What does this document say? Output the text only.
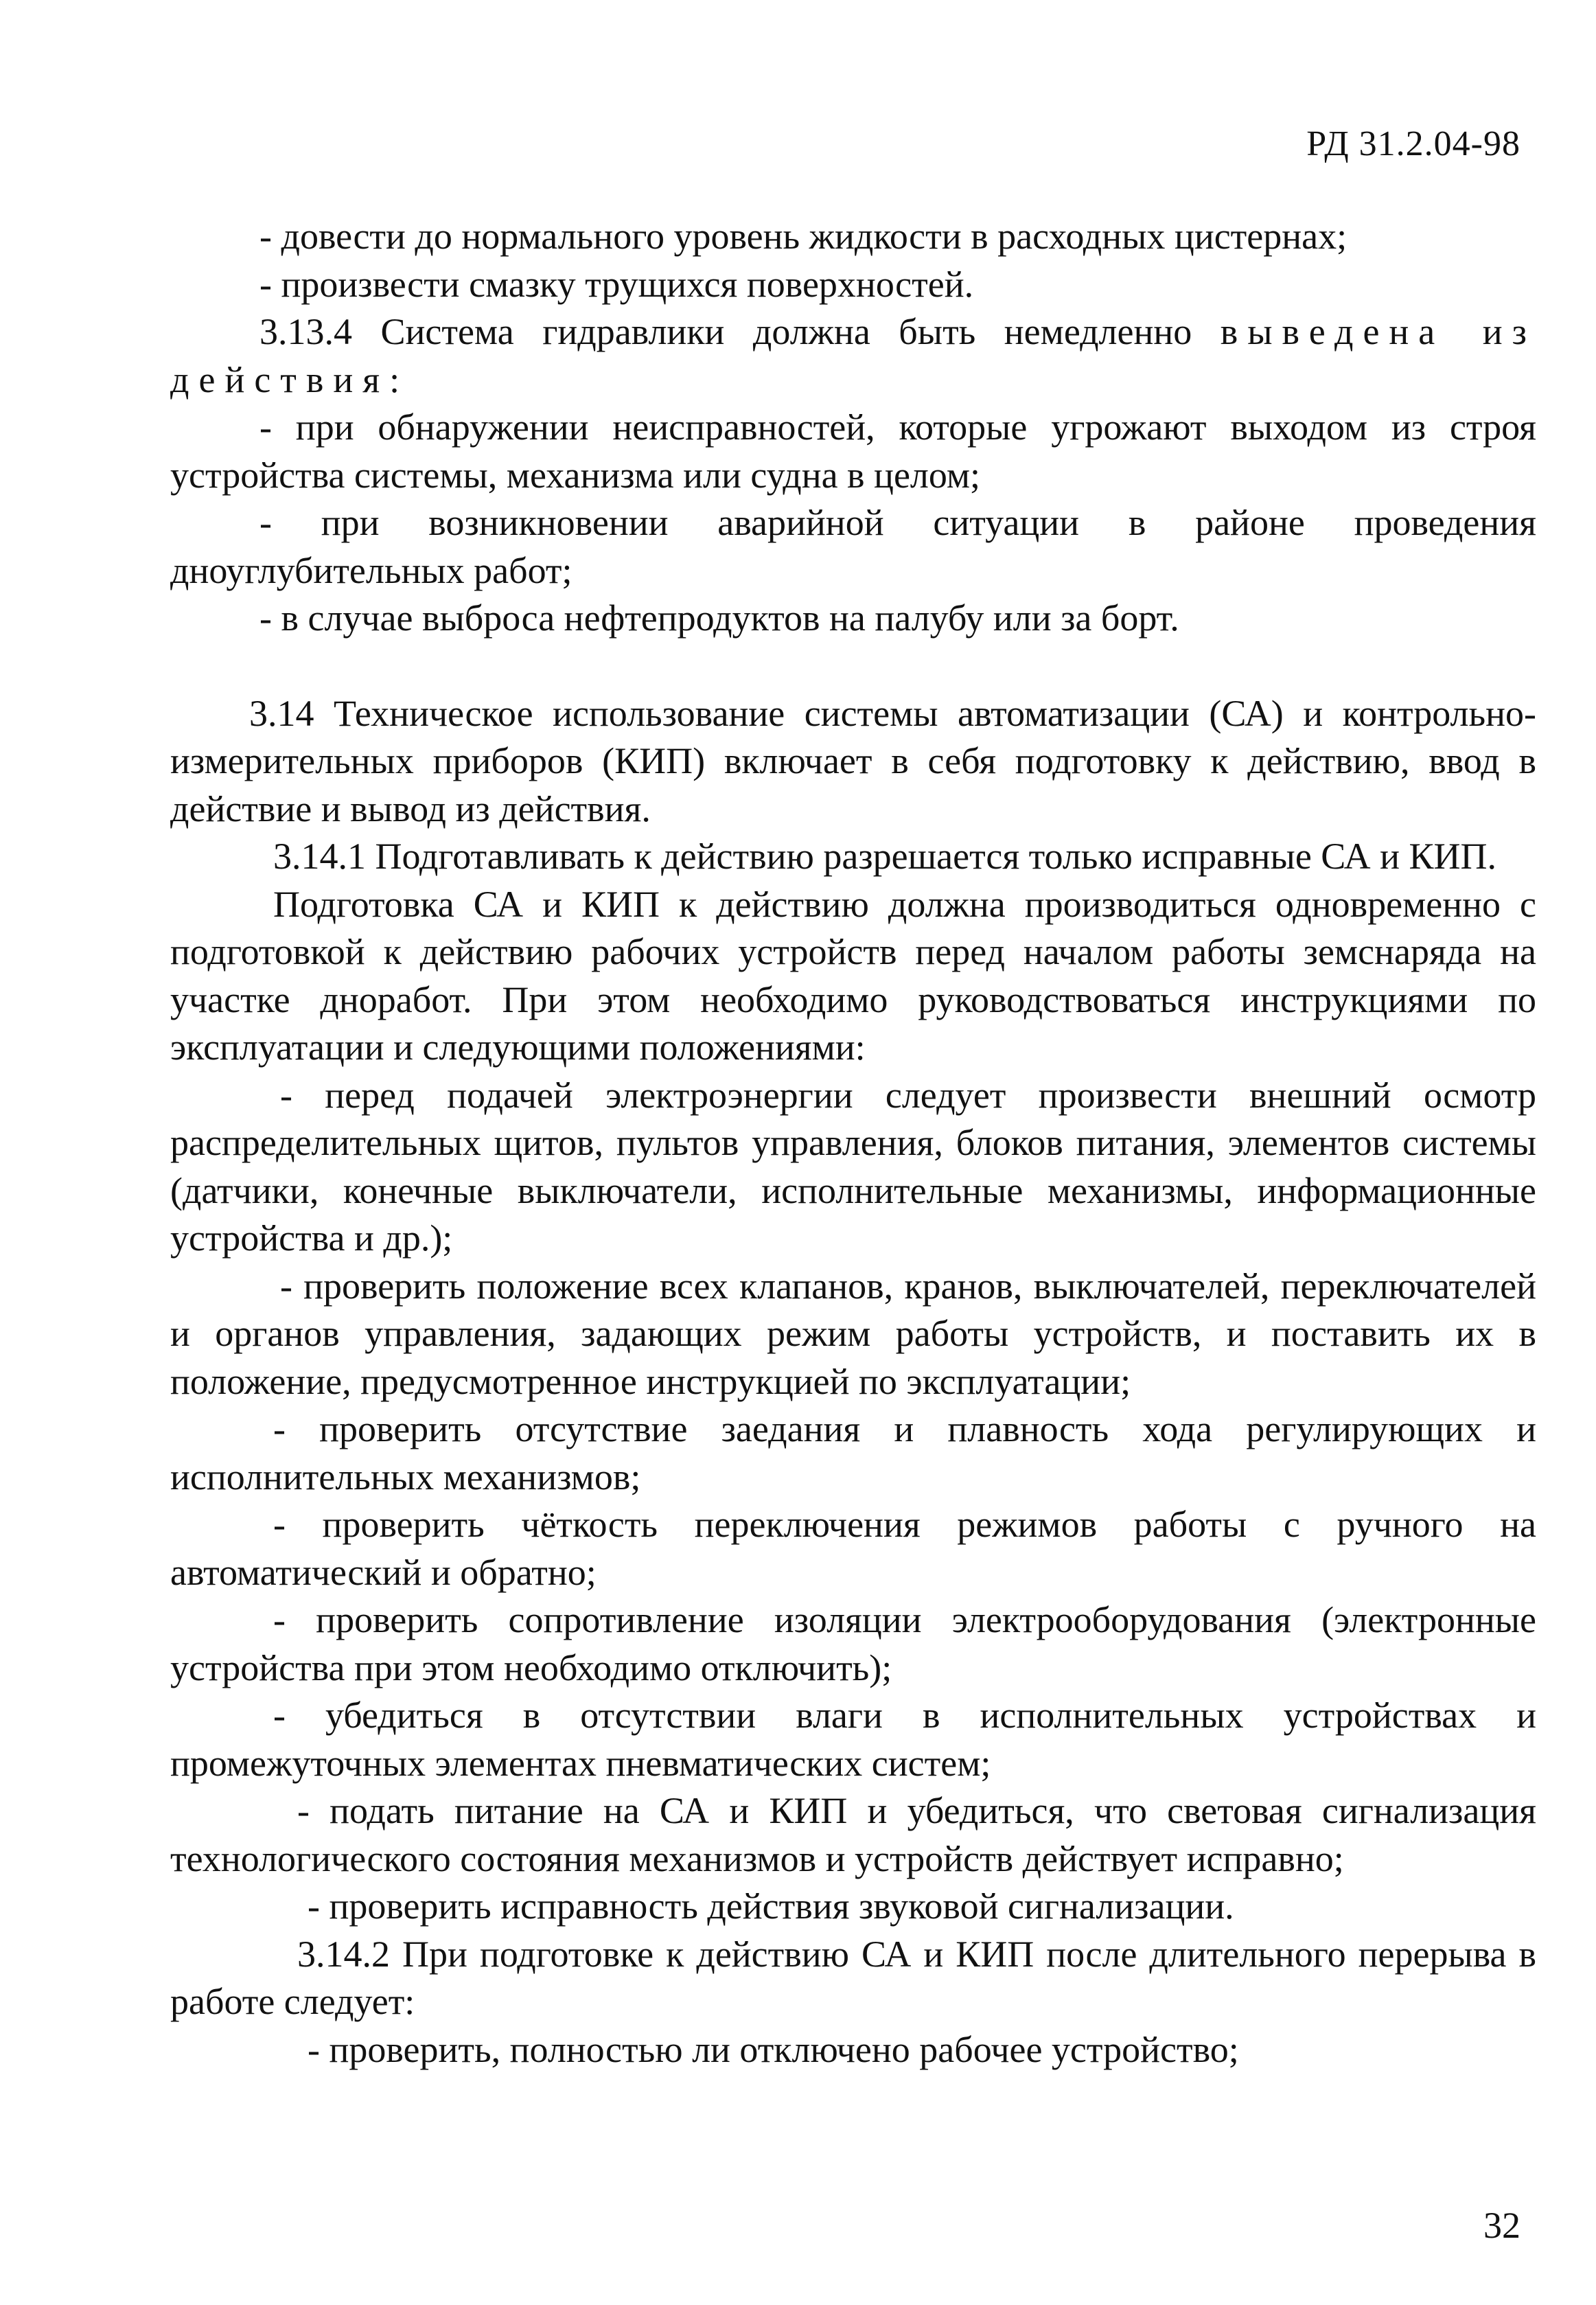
РД 31.2.04-98

- довести до нормального уровень жидкости в расходных цистернах;

- произвести смазку трущихся поверхностей.

3.13.4 Система гидравлики должна быть немедленно выведена из действия:

- при обнаружении неисправностей, которые угрожают выходом из строя устройства системы, механизма или судна в целом;

- при возникновении аварийной ситуации в районе проведения дноуглубительных работ;

- в случае выброса нефтепродуктов на палубу или за борт.

3.14 Техническое использование системы автоматизации (СА) и контрольно-измерительных приборов (КИП) включает в себя подготовку к действию, ввод в действие и вывод из действия.

3.14.1 Подготавливать к действию разрешается только исправные СА и КИП.

Подготовка СА и КИП к действию должна производиться одновременно с подготовкой к действию рабочих устройств перед началом работы земснаряда на участке дноработ. При этом необходимо руководствоваться инструкциями по эксплуатации и следующими положениями:

- перед подачей электроэнергии следует произвести внешний осмотр распределительных щитов, пультов управления, блоков питания, элементов системы (датчики, конечные выключатели, исполнительные механизмы, информационные устройства и др.);

- проверить положение всех клапанов, кранов, выключателей, переключателей и органов управления, задающих режим работы устройств, и поставить их в положение, предусмотренное инструкцией по эксплуатации;

- проверить отсутствие заедания и плавность хода регулирующих и исполнительных механизмов;

- проверить чёткость переключения режимов работы с ручного на автоматический и обратно;

- проверить сопротивление изоляции электрооборудования (электронные устройства при этом необходимо отключить);

- убедиться в отсутствии влаги в исполнительных устройствах и промежуточных элементах пневматических систем;

- подать питание на СА и КИП и убедиться, что световая сигнализация технологического состояния механизмов и устройств действует исправно;

- проверить исправность действия звуковой сигнализации.

3.14.2 При подготовке к действию СА и КИП после длительного перерыва в работе следует:

- проверить, полностью ли отключено рабочее устройство;

32
